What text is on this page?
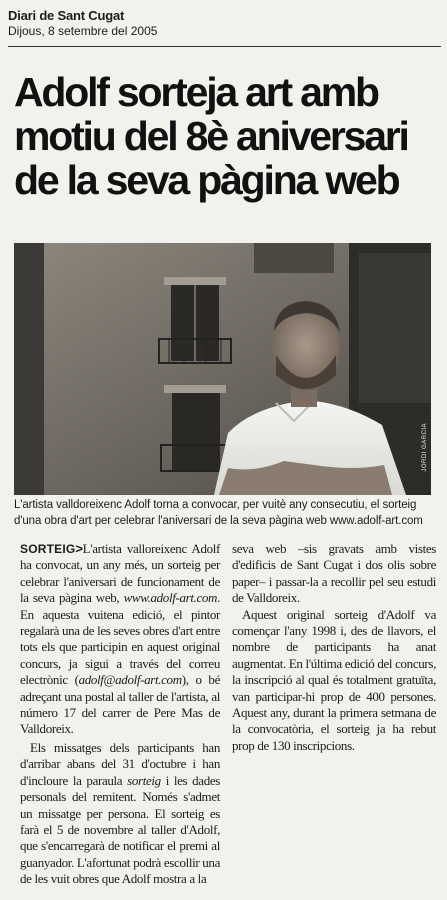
Diari de Sant Cugat
Dijous, 8 setembre del 2005

Adolf sorteja art amb motiu del 8è aniversari de la seva pàgina web
JORDI GARCÍA
L'artista valldoreixenc Adolf torna a convocar, per vuitè any consecutiu, el sorteig d'una obra d'art per celebrar l'aniversari de la seva pàgina web www.adolf-art.com

SORTEIG>L'artista valloreixenc Adolf ha convocat, un any més, un sorteig per celebrar l'aniversari de funcionament de la seva pàgina web, www.adolf-art.com. En aquesta vuitena edició, el pintor regalarà una de les seves obres d'art entre tots els que participin en aquest original concurs, ja sigui a través del correu electrònic (adolf@adolf-art.com), o bé adreçant una postal al taller de l'artista, al número 17 del carrer de Pere Mas de Valldoreix.

Els missatges dels participants han d'arribar abans del 31 d'octubre i han d'incloure la paraula sorteig i les dades personals del remitent. Només s'admet un missatge per persona. El sorteig es farà el 5 de novembre al taller d'Adolf, que s'encarregarà de notificar el premi al guanyador. L'afortunat podrà escollir una de les vuit obres que Adolf mostra a la

seva web –sis gravats amb vistes d'edificis de Sant Cugat i dos olis sobre paper– i passar-la a recollir pel seu estudi de Valldoreix.

Aquest original sorteig d'Adolf va començar l'any 1998 i, des de llavors, el nombre de participants ha anat augmentat. En l'última edició del concurs, la inscripció al qual és totalment gratuïta, van participar-hi prop de 400 persones. Aquest any, durant la primera setmana de la convocatòria, el sorteig ja ha rebut prop de 130 inscripcions.
